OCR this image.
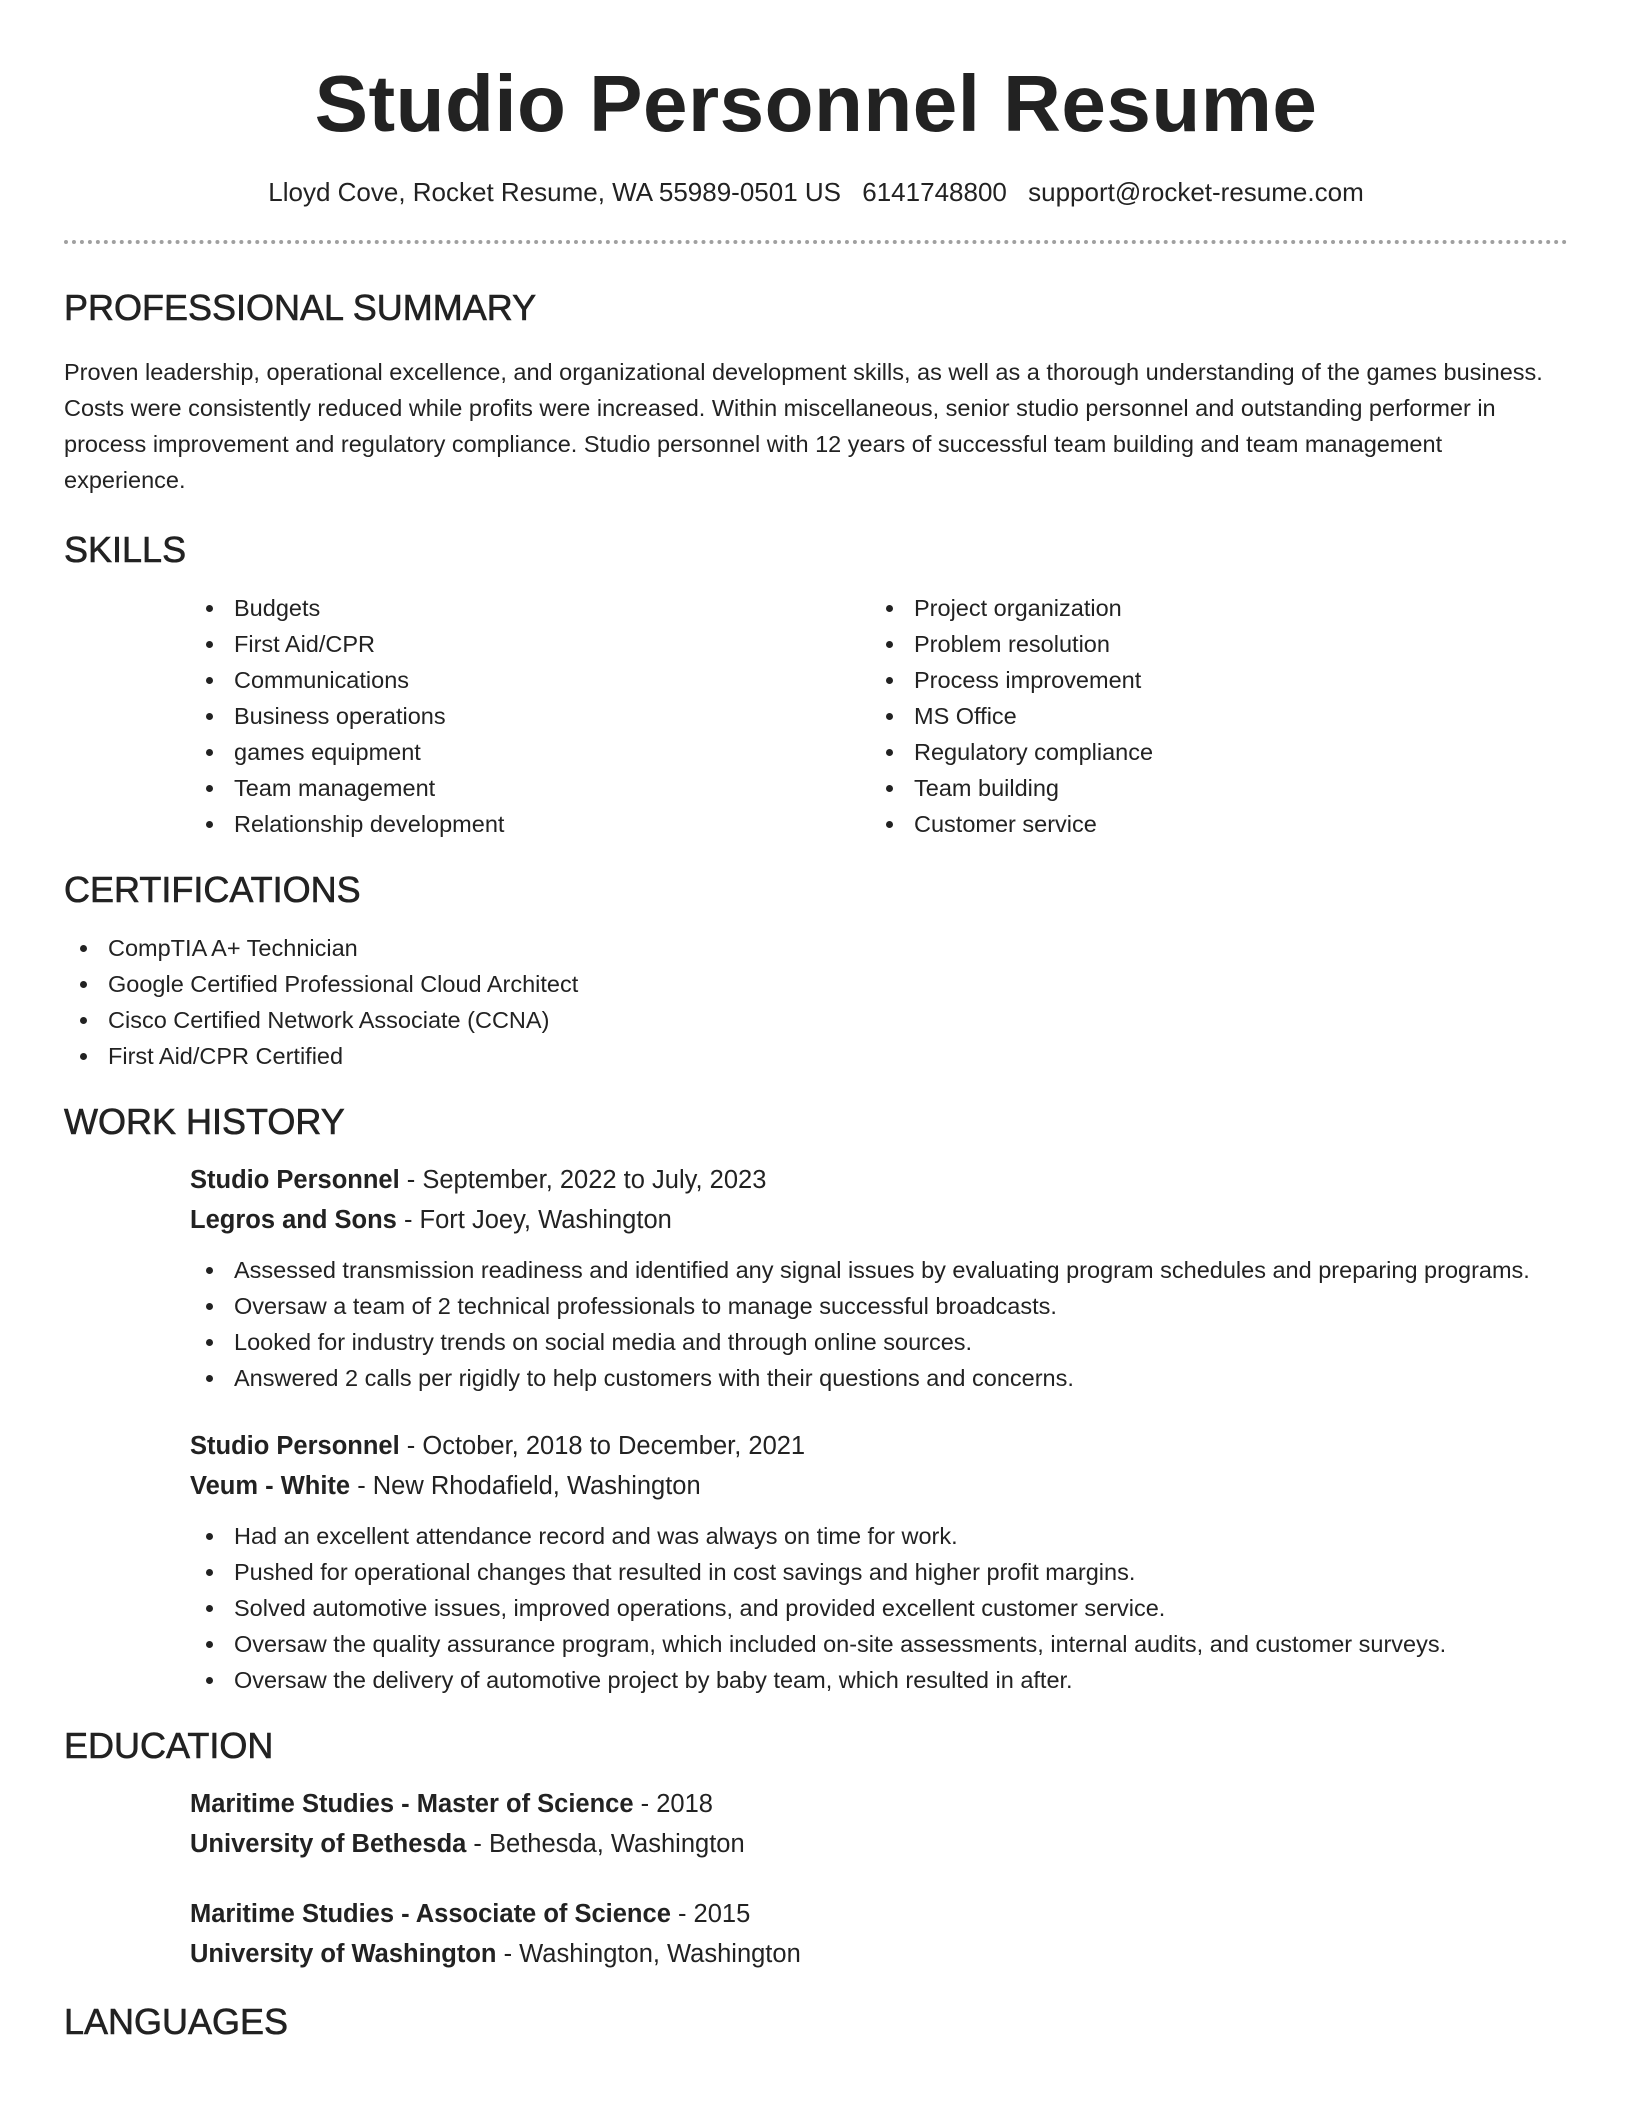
Studio Personnel Resume
Lloyd Cove, Rocket Resume, WA 55989-0501 US 6141748800 support@rocket-resume.com
PROFESSIONAL SUMMARY

Proven leadership, operational excellence, and organizational development skills, as well as a thorough understanding of the games business. Costs were consistently reduced while profits were increased. Within miscellaneous, senior studio personnel and outstanding performer in process improvement and regulatory compliance. Studio personnel with 12 years of successful team building and team management experience.

SKILLS
Budgets
First Aid/CPR
Communications
Business operations
games equipment
Team management
Relationship development
Project organization
Problem resolution
Process improvement
MS Office
Regulatory compliance
Team building
Customer service
CERTIFICATIONS
CompTIA A+ Technician
Google Certified Professional Cloud Architect
Cisco Certified Network Associate (CCNA)
First Aid/CPR Certified
WORK HISTORY
Studio Personnel - September, 2022 to July, 2023
Legros and Sons - Fort Joey, Washington
Assessed transmission readiness and identified any signal issues by evaluating program schedules and preparing programs.
Oversaw a team of 2 technical professionals to manage successful broadcasts.
Looked for industry trends on social media and through online sources.
Answered 2 calls per rigidly to help customers with their questions and concerns.
Studio Personnel - October, 2018 to December, 2021
Veum - White - New Rhodafield, Washington
Had an excellent attendance record and was always on time for work.
Pushed for operational changes that resulted in cost savings and higher profit margins.
Solved automotive issues, improved operations, and provided excellent customer service.
Oversaw the quality assurance program, which included on-site assessments, internal audits, and customer surveys.
Oversaw the delivery of automotive project by baby team, which resulted in after.
EDUCATION
Maritime Studies - Master of Science - 2018
University of Bethesda - Bethesda, Washington
Maritime Studies - Associate of Science - 2015
University of Washington - Washington, Washington
LANGUAGES
